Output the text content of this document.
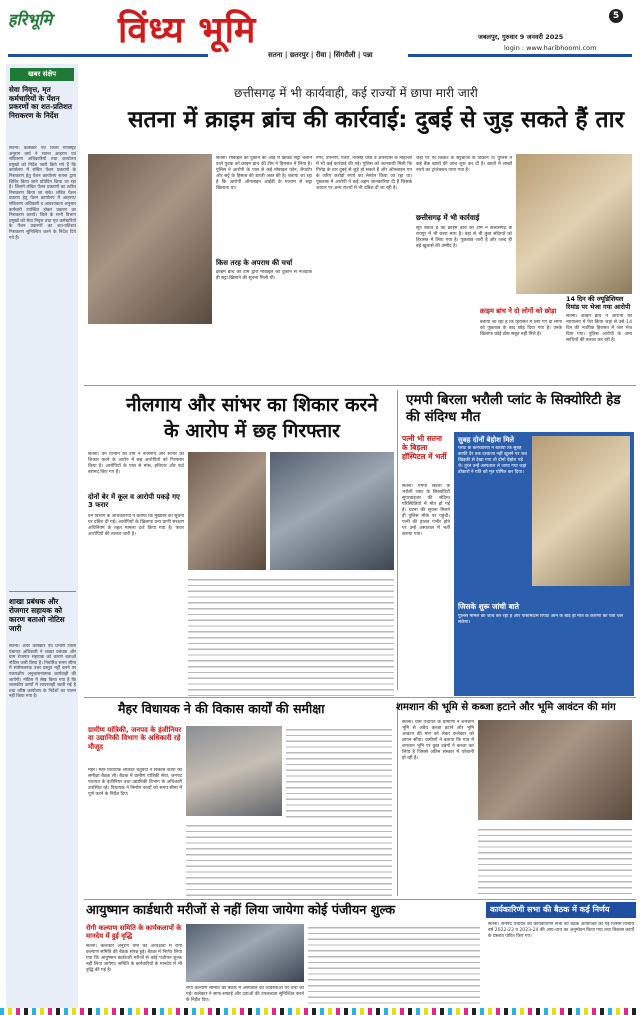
हरिभूमि विंध्य भूमि	5
जबलपुर, गुरुवार 9 जनवरी 2025
login : www.haribhoomi.com
सतना | छतरपुर | रीवा | सिंगरौली | पन्ना
खबर संक्षेप
सेवा निवृत्त, मृत कर्मचारियों के पेंशन प्रकरणों का शत-प्रतिशत निराकरण के निर्देश
सतना। कलेक्टर एवं जिला मजिस्ट्रेट अनुराग वर्मा ने सतना आहरण एवं संवितरण अधिकारियों तथा कार्यालय प्रमुखों को निर्देश जारी किये गये हैं कि कार्यालय में संचित पेंशन प्रकरणों के निराकरण हेतु पेंशन कार्यालय सतना द्वारा शिविर किया जाने प्रतिदिन किया जा रहा है। जिसमें लंबित पेंशन प्रकरणों का त्वरित निराकरण किया जा सके। लंबित पेंशन प्रकरण हेतु पेंशन कार्यालय में आहरण/संवितरण अधिकारी व आवश्यकता अनुसार कर्मचारी उपस्थित होकर प्रकरण का निराकरण करायें। जिले के सभी विभाग प्रमुखों को सेवा निवृत्त तथा मृत कर्मचारियों के पेंशन प्रकरणों का शत-प्रतिशत निराकरण सुनिश्चित करने के निर्देश दिये गये हैं।
शाखा प्रबंधक और रोजगार सहायक को कारण बताओ नोटिस जारी
सतना। अपर कलेक्टर एवं प्रभारी जिला पंचायत अधिकारी ने शाखा प्रबंधक और ग्राम रोजगार सहायक को कारण बताओ नोटिस जारी किया है। निर्धारित समय सीमा में संतोषजनक उत्तर प्रस्तुत नहीं करने पर एकपक्षीय अनुशासनात्मक कार्यवाही की जायेगी। नोटिस में लेख किया गया है कि शासकीय कार्यों में लापरवाही बरती गई है तथा वरिष्ठ कार्यालय के निर्देशों का पालन नहीं किया गया है।
छत्तीसगढ़ में भी कार्यवाही, कई राज्यों में छापा मारी जारी
सतना में क्राइम ब्रांच की कार्रवाई: दुबई से जुड़ सकते हैं तार
सतना। मोबाइल की दुकान की आड़ में क्रिकेट सट्टा चलाने वाले युवक को क्राइम ब्रांच की टीम ने हिरासत में लिया है। पुलिस ने आरोपी के पास से कई मोबाइल फोन, लैपटॉप और सट्टे के हिसाब की डायरी जब्त की है। बताया जा रहा है कि आरोपी ऑनलाइन आईडी के माध्यम से सट्टा खिलाता था।
किस तरह के अपराध की चर्चा
क्राइम ब्रांच की टीम द्वारा मोबाइल की दुकान से नजदीक ही सट्टा खिलाने की सूचना मिली थी।
नगर, उपनगर, पतेरी, नरसिंह चौक व आसपास के मोहल्लों में भी कई कार्रवाई की गई। पुलिस को जानकारी मिली कि गिरोह के तार दुबई से जुड़े हो सकते हैं और ऑनलाइन एप के जरिए करोड़ों रुपये का लेनदेन किया जा रहा था। पूछताछ में आरोपी ने कई अहम जानकारियां दी हैं जिसके आधार पर अन्य राज्यों में भी दबिश दी जा रही है।
जहां पर पर क्रिकेट के सट्टेबाजों के ठिकाने थे। पुलिस ने कई बैंक खातों की जांच शुरू कर दी है। खातों में लाखों रुपये का ट्रांजेक्शन पाया गया है।
छत्तीसगढ़ में भी कार्रवाई
सूत्र बताते हैं कि क्राइम ब्रांच की टीम ने छत्तीसगढ़ के रायपुर में भी छापा मारा है। वहां से भी कुछ संदिग्धों को हिरासत में लिया गया है। पूछताछ जारी है और जल्द ही बड़े खुलासे की उम्मीद है।
14 दिन की ज्यूडिशियल रिमांड पर भेजा गया आरोपी
सतना। क्राइम ब्रांच ने आरोपी को न्यायालय में पेश किया जहां से उसे 14 दिन की न्यायिक हिरासत में जेल भेज दिया गया। पुलिस आरोपी के अन्य साथियों की तलाश कर रही है।
क्राइम ब्रांच ने दो लोगों को छोड़ा
बताया जा रहा है कि हिरासत में लिए गए दो लोगों को पूछताछ के बाद छोड़ दिया गया है। उनके खिलाफ कोई ठोस सबूत नहीं मिले हैं।
नीलगाय और सांभर का शिकार करने के आरोप में छह गिरफ्तार
सतना। वन विभाग की टीम ने नीलगाय और सांभर का शिकार करने के आरोप में छह आरोपियों को गिरफ्तार किया है। आरोपियों के पास से मांस, हथियार और फंदे बरामद किए गए हैं।
दोनों बेर में कूल व आरोपी पकड़े गए 3 फरार
वन विभाग के अधिकारियों ने बताया कि मुखबिर की सूचना पर दबिश दी गई। आरोपियों के खिलाफ वन्य प्राणी संरक्षण अधिनियम के तहत मामला दर्ज किया गया है। फरार आरोपियों की तलाश जारी है।
एमपी बिरला भरौली प्लांट के सिक्योरिटी हेड की संदिग्ध मौत
पत्नी भी सतना के बिड़ला हॉस्पिटल में भर्ती
सतना। एमपी बिरला के भरौली प्लांट के सिक्योरिटी सुपरवाइजर की संदिग्ध परिस्थितियों में मौत हो गई है। घटना की सूचना मिलते ही पुलिस मौके पर पहुंची। पत्नी की हालत गंभीर होने पर उन्हें अस्पताल में भर्ती कराया गया।
सुबह दोनों बेहोश मिले
प्लांट के कर्मचारियों ने बताया कि सुबह काफी देर तक दरवाजा नहीं खुलने पर जब खिड़की से देखा गया तो दोनों बेहोश पड़े थे। तुरंत उन्हें अस्पताल ले जाया गया जहां डॉक्टरों ने पति को मृत घोषित कर दिया।
जिसके शुरू जांची बाते
पुलिस मामले की जांच कर रही है और पोस्टमार्टम रिपोर्ट आने के बाद ही मौत के कारणों का पता चल सकेगा।
मैहर विधायक ने की विकास कार्यों की समीक्षा
ग्रामीण यांत्रिकी, जनपद के इंजीनियर वा उद्यानिकी विभाग के अधिकारी रहे मौजूद
मैहर। मैहर विधायक श्रीकांत चतुर्वेदी ने विकास कार्यों की समीक्षा बैठक ली। बैठक में ग्रामीण यांत्रिकी सेवा, जनपद पंचायत के इंजीनियर तथा उद्यानिकी विभाग के अधिकारी उपस्थित रहे। विधायक ने निर्माण कार्यों को समय सीमा में पूर्ण करने के निर्देश दिए।
शमशान की भूमि से कब्जा हटाने और भूमि आवंटन की मांग
सतना। ग्राम पंचायत के ग्रामीणों ने शमशान भूमि से अवैध कब्जा हटाने और भूमि आवंटन की मांग को लेकर कलेक्टर को ज्ञापन सौंपा। ग्रामीणों ने बताया कि गांव में शमशान भूमि पर कुछ दबंगों ने कब्जा कर लिया है जिससे अंतिम संस्कार में परेशानी हो रही है।
आयुष्मान कार्डधारी मरीजों से नहीं लिया जायेगा कोई पंजीयन शुल्क
रोगी कल्याण समिति के कार्यकलापों के मानदेय में हुई वृद्धि
सतना। कलेक्टर अनुराग वर्मा की अध्यक्षता में रोगी कल्याण समिति की बैठक संपन्न हुई। बैठक में निर्णय लिया गया कि आयुष्मान कार्डधारी मरीजों से कोई पंजीयन शुल्क नहीं लिया जायेगा। समिति के कर्मचारियों के मानदेय में भी वृद्धि की गई है।
रोगी कल्याण समिति की बैठक में अस्पताल की व्यवस्थाओं पर चर्चा की गई। कलेक्टर ने साफ-सफाई और दवाओं की उपलब्धता सुनिश्चित करने के निर्देश दिए।
कार्यकारिणी सभा की बैठक में कई निर्णय
सतना। जनपद पंचायत की कार्यकारिणी सभा की बैठक आयोजित की गई जिसमें वित्तीय वर्ष 2022-23 व 2023-24 की आय-व्यय का अनुमोदन किया गया तथा विकास कार्यों के प्रस्ताव पारित किए गए।
